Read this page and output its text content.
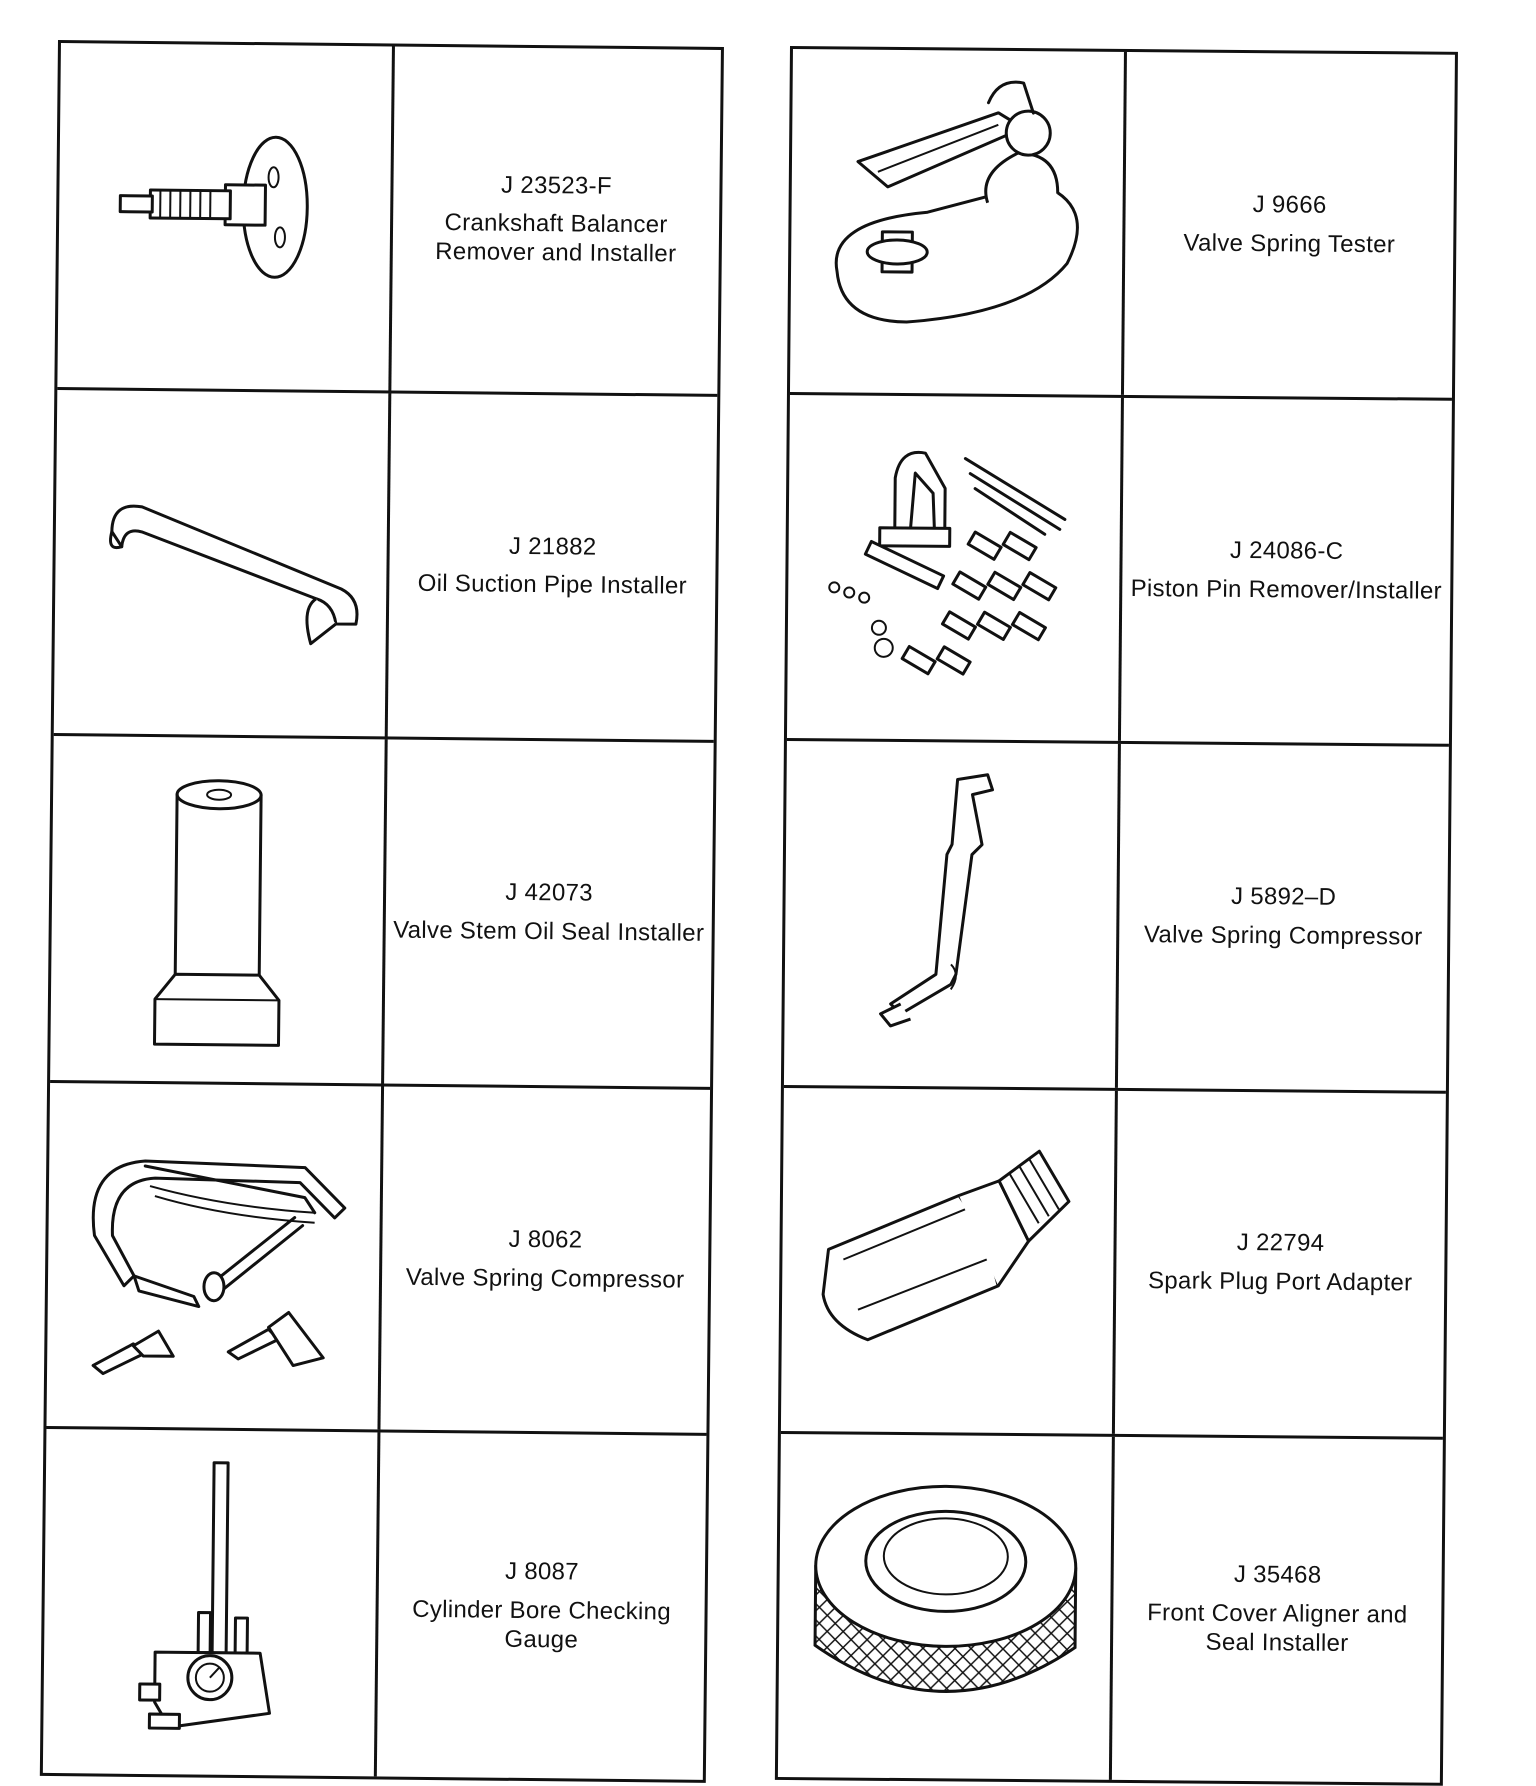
J 23523-F
Crankshaft Balancer Remover and Installer
J 21882
Oil Suction Pipe Installer
J 42073
Valve Stem Oil Seal Installer
J 8062
Valve Spring Compressor
J 8087
Cylinder Bore Checking Gauge
J 9666
Valve Spring Tester
J 24086-C
Piston Pin Remover/Installer
J 5892–D
Valve Spring Compressor
J 22794
Spark Plug Port Adapter
J 35468
Front Cover Aligner and Seal Installer
